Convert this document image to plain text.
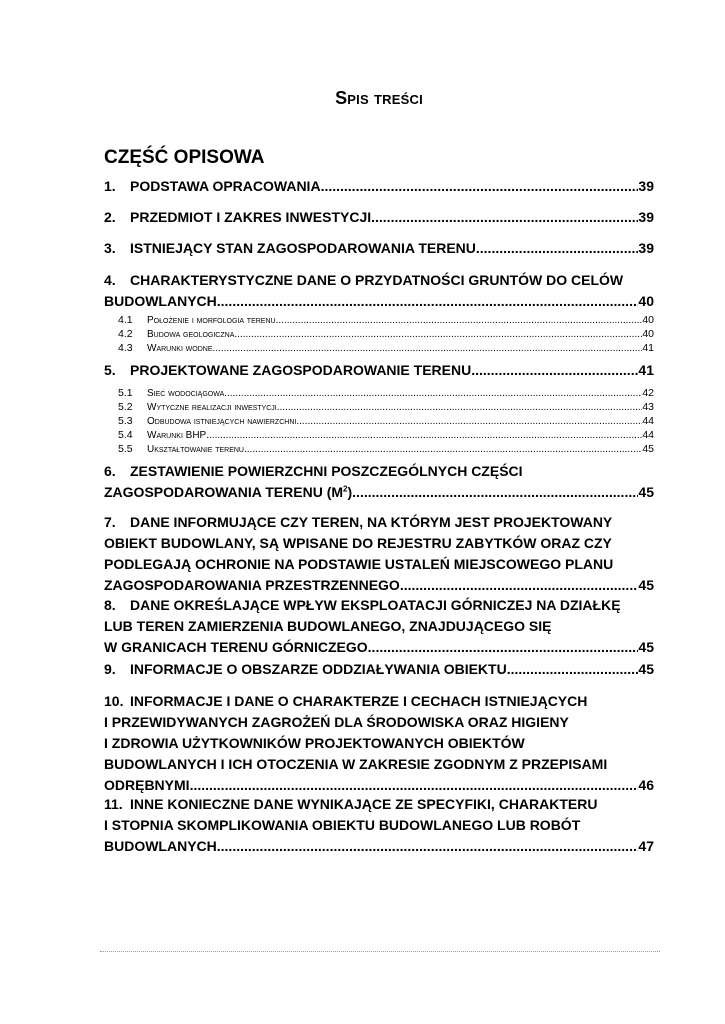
Spis treści
CZĘŚĆ OPISOWA
1. PODSTAWA OPRACOWANIA .....	39
2. PRZEDMIOT I ZAKRES INWESTYCJI .....	39
3. ISTNIEJĄCY STAN ZAGOSPODAROWANIA TERENU .....	39
4. CHARAKTERYSTYCZNE DANE O PRZYDATNOŚCI GRUNTÓW DO CELÓW
BUDOWLANYCH .....	40
4.1 Położenie i morfologia terenu .....	40
4.2 Budowa geologiczna .....	40
4.3 Warunki wodne .....	41
5. PROJEKTOWANE ZAGOSPODAROWANIE TERENU .....	41
5.1 Sieć wodociągowa .....	42
5.2 Wytyczne realizacji inwestycji .....	43
5.3 Odbudowa istniejących nawierzchni .....	44
5.4 Warunki BHP .....	44
5.5 Ukształtowanie terenu .....	45
6. ZESTAWIENIE POWIERZCHNI POSZCZEGÓLNYCH CZĘŚCI
ZAGOSPODAROWANIA TERENU $(M^2)$ .....	45
7. DANE INFORMUJĄCE CZY TEREN, NA KTÓRYM JEST PROJEKTOWANY
OBIEKT BUDOWLANY, SĄ WPISANE DO REJESTRU ZABYTKÓW ORAZ CZY
PODLEGAJĄ OCHRONIE NA PODSTAWIE USTALEŃ MIEJSCOWEGO PLANU
ZAGOSPODAROWANIA PRZESTRZENNEGO .....	45
8. DANE OKREŚLAJĄCE WPŁYW EKSPLOATACJI GÓRNICZEJ NA DZIAŁKĘ
LUB TEREN ZAMIERZENIA BUDOWLANEGO, ZNAJDUJĄCEGO SIĘ
W GRANICACH TERENU GÓRNICZEGO .....	45
9. INFORMACJE O OBSZARZE ODDZIAŁYWANIA OBIEKTU .....	45
10. INFORMACJE I DANE O CHARAKTERZE I CECHACH ISTNIEJĄCYCH
I PRZEWIDYWANYCH ZAGROŻEŃ DLA ŚRODOWISKA ORAZ HIGIENY
I ZDROWIA UŻYTKOWNIKÓW PROJEKTOWANYCH OBIEKTÓW
BUDOWLANYCH I ICH OTOCZENIA W ZAKRESIE ZGODNYM Z PRZEPISAMI
ODRĘBNYMI .....	46
11. INNE KONIECZNE DANE WYNIKAJĄCE ZE SPECYFIKI, CHARAKTERU
I STOPNIA SKOMPLIKOWANIA OBIEKTU BUDOWLANEGO LUB ROBÓT
BUDOWLANYCH .....	47
